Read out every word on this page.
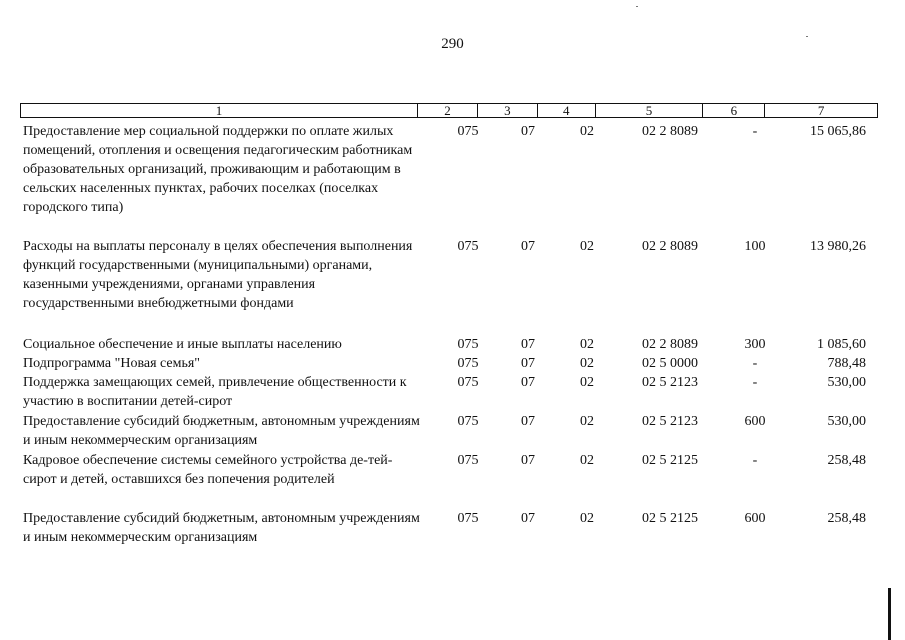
290
1	2	3	4	5	6	7
Предоставление мер социальной поддержки по оплате жилых помещений, отопления и освещения педагогическим работникам образовательных организаций, проживающим и работающим в сельских населенных пунктах, рабочих поселках (поселках городского типа)
075	07	02	02 2 8089	-	15 065,86
Расходы на выплаты персоналу в целях обеспечения выполнения функций государственными (муниципальными) органами, казенными учреждениями, органами управления государственными внебюджетными фондами
075	07	02	02 2 8089	100	13 980,26
Социальное обеспечение и иные выплаты населению	075	07	02	02 2 8089	300	1 085,60
Подпрограмма "Новая семья"	075	07	02	02 5 0000	-	788,48
Поддержка замещающих семей, привлечение общественности к участию в воспитании детей-сирот
075	07	02	02 5 2123	-	530,00
Предоставление субсидий бюджетным, автономным учреждениям и иным некоммерческим организациям
075	07	02	02 5 2123	600	530,00
Кадровое обеспечение системы семейного устройства де-тей-сирот и детей, оставшихся без попечения родителей
075	07	02	02 5 2125	-	258,48
Предоставление субсидий бюджетным, автономным учреждениям и иным некоммерческим организациям
075	07	02	02 5 2125	600	258,48
